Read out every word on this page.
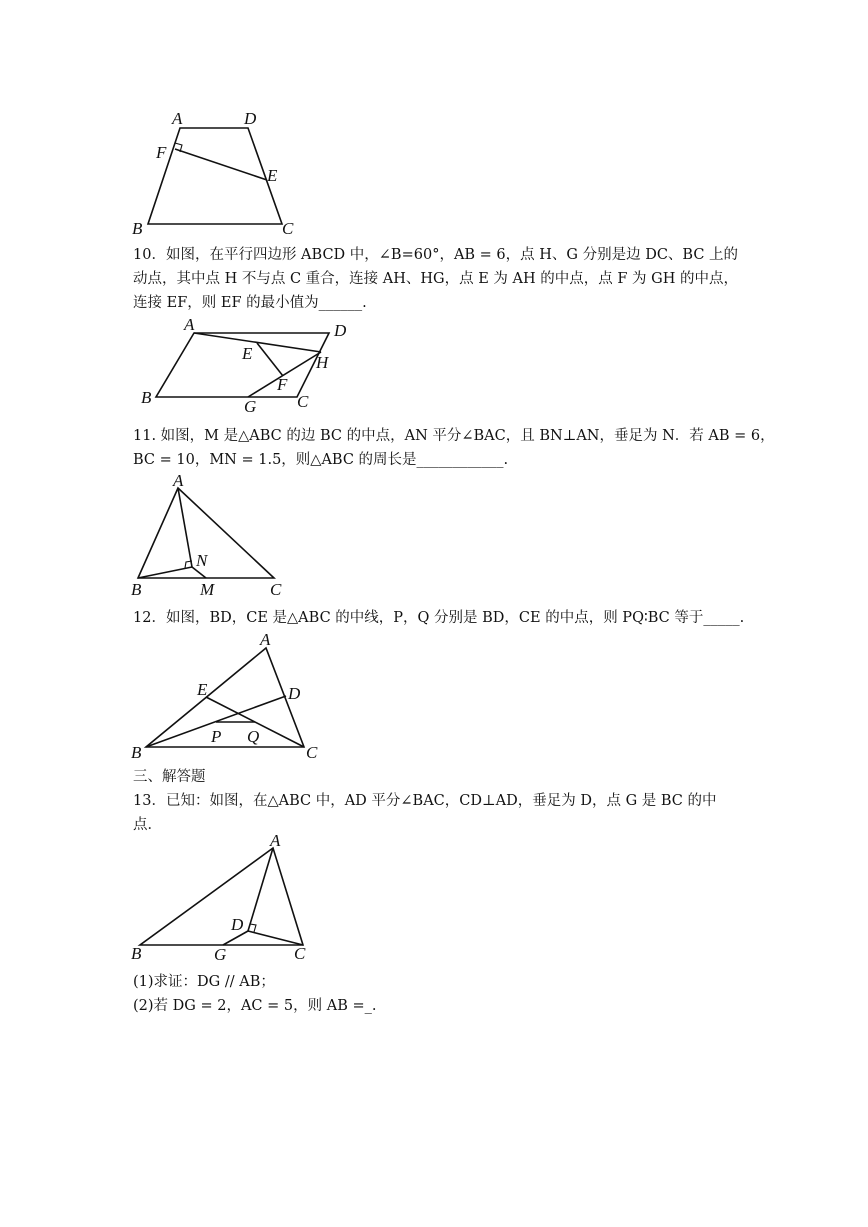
A	D
F
E
B	C
10．如图，在平行四边形 ABCD 中，∠B=60°，AB = 6，点 H、G 分别是边 DC、BC 上的
动点，其中点 H 不与点 C 重合，连接 AH、HG，点 E 为 AH 的中点，点 F 为 GH 的中点，
连接 EF，则 EF 的最小值为______.
A	D
E	H
F
B	G C
11. 如图，M 是△ABC 的边 BC 的中点，AN 平分∠BAC，且 BN⊥AN，垂足为 N．若 AB = 6，
BC = 10，MN = 1.5，则△ABC 的周长是____________.
A
N
B	M	C
12．如图，BD，CE 是△ABC 的中线，P，Q 分别是 BD，CE 的中点，则 PQ∶BC 等于_____.
A
E	D
P Q
B	C
三、解答题
13．已知：如图，在△ABC 中，AD 平分∠BAC，CD⊥AD，垂足为 D，点 G 是 BC 的中
点．
A
D
B	G	C
(1)求证：DG // AB；
(2)若 DG = 2，AC = 5，则 AB =_.
